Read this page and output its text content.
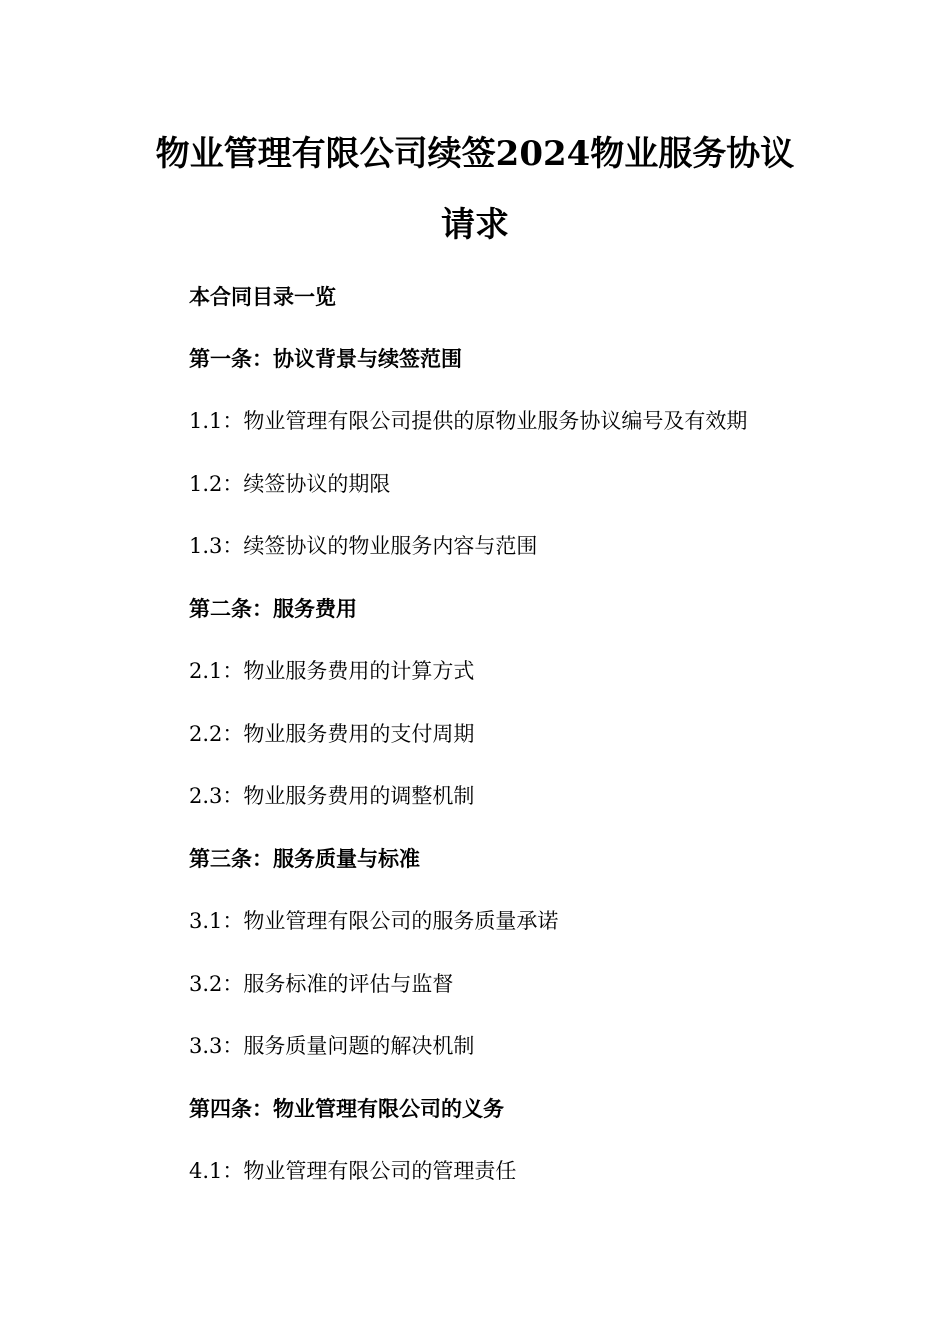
物业管理有限公司续签2024物业服务协议
请求

本合同目录一览

第一条：协议背景与续签范围

1.1：物业管理有限公司提供的原物业服务协议编号及有效期

1.2：续签协议的期限

1.3：续签协议的物业服务内容与范围

第二条：服务费用

2.1：物业服务费用的计算方式

2.2：物业服务费用的支付周期

2.3：物业服务费用的调整机制

第三条：服务质量与标准

3.1：物业管理有限公司的服务质量承诺

3.2：服务标准的评估与监督

3.3：服务质量问题的解决机制

第四条：物业管理有限公司的义务

4.1：物业管理有限公司的管理责任
